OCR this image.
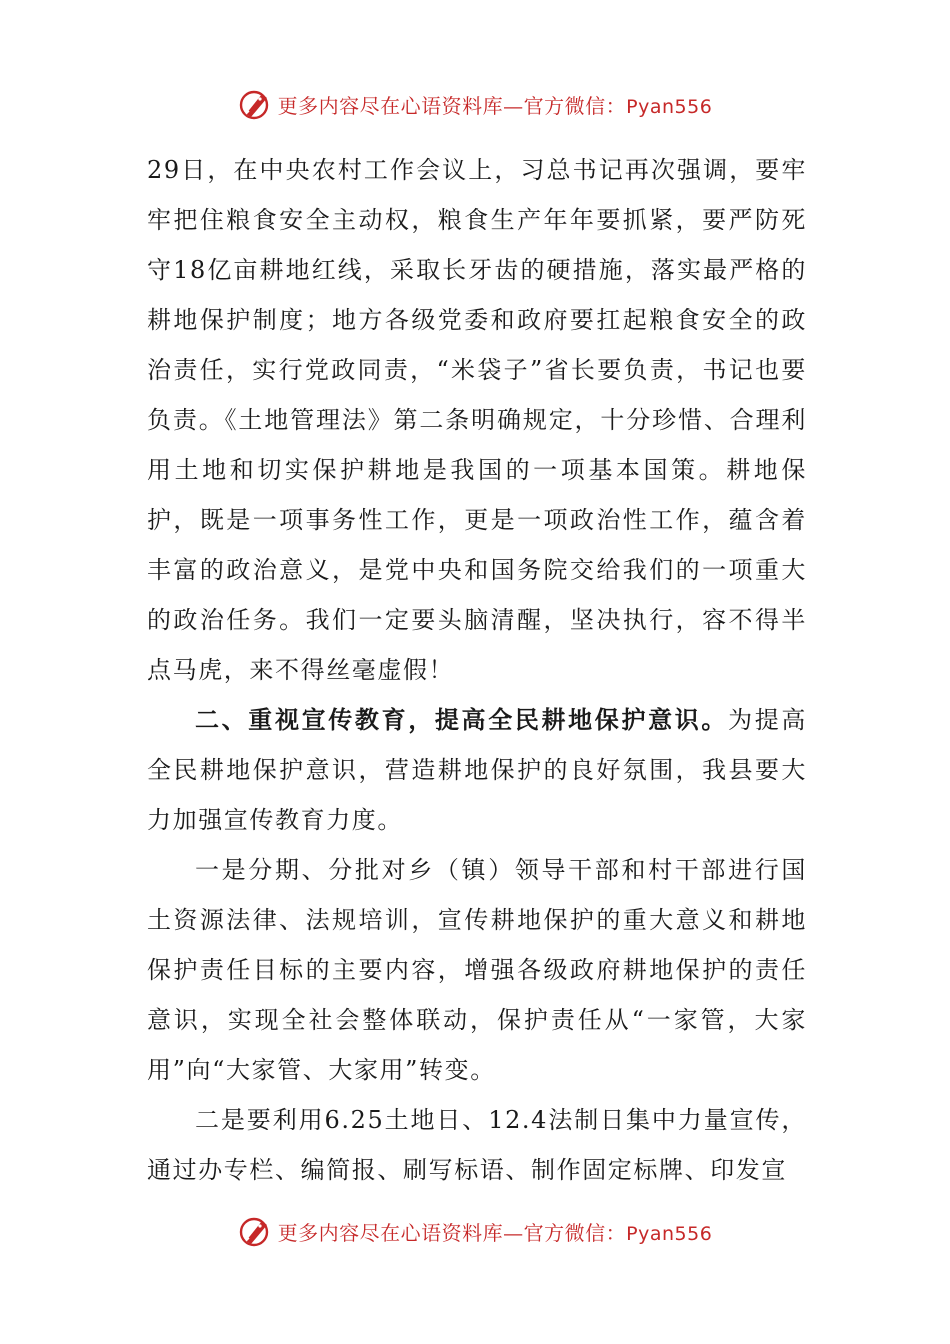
更多内容尽在心语资料库—官方微信：Pyan556

29日，在中央农村工作会议上，习总书记再次强调，要牢牢把住粮食安全主动权，粮食生产年年要抓紧，要严防死守18亿亩耕地红线，采取长牙齿的硬措施，落实最严格的耕地保护制度；地方各级党委和政府要扛起粮食安全的政治责任，实行党政同责，“米袋子”省长要负责，书记也要负责。《土地管理法》第二条明确规定，十分珍惜、合理利用土地和切实保护耕地是我国的一项基本国策。耕地保护，既是一项事务性工作，更是一项政治性工作，蕴含着丰富的政治意义，是党中央和国务院交给我们的一项重大的政治任务。我们一定要头脑清醒，坚决执行，容不得半点马虎，来不得丝毫虚假！

二、重视宣传教育，提高全民耕地保护意识。为提高全民耕地保护意识，营造耕地保护的良好氛围，我县要大力加强宣传教育力度。

一是分期、分批对乡（镇）领导干部和村干部进行国土资源法律、法规培训，宣传耕地保护的重大意义和耕地保护责任目标的主要内容，增强各级政府耕地保护的责任意识，实现全社会整体联动，保护责任从“一家管，大家用”向“大家管、大家用”转变。

二是要利用6.25土地日、12.4法制日集中力量宣传，通过办专栏、编简报、刷写标语、制作固定标牌、印发宣

更多内容尽在心语资料库—官方微信：Pyan556
